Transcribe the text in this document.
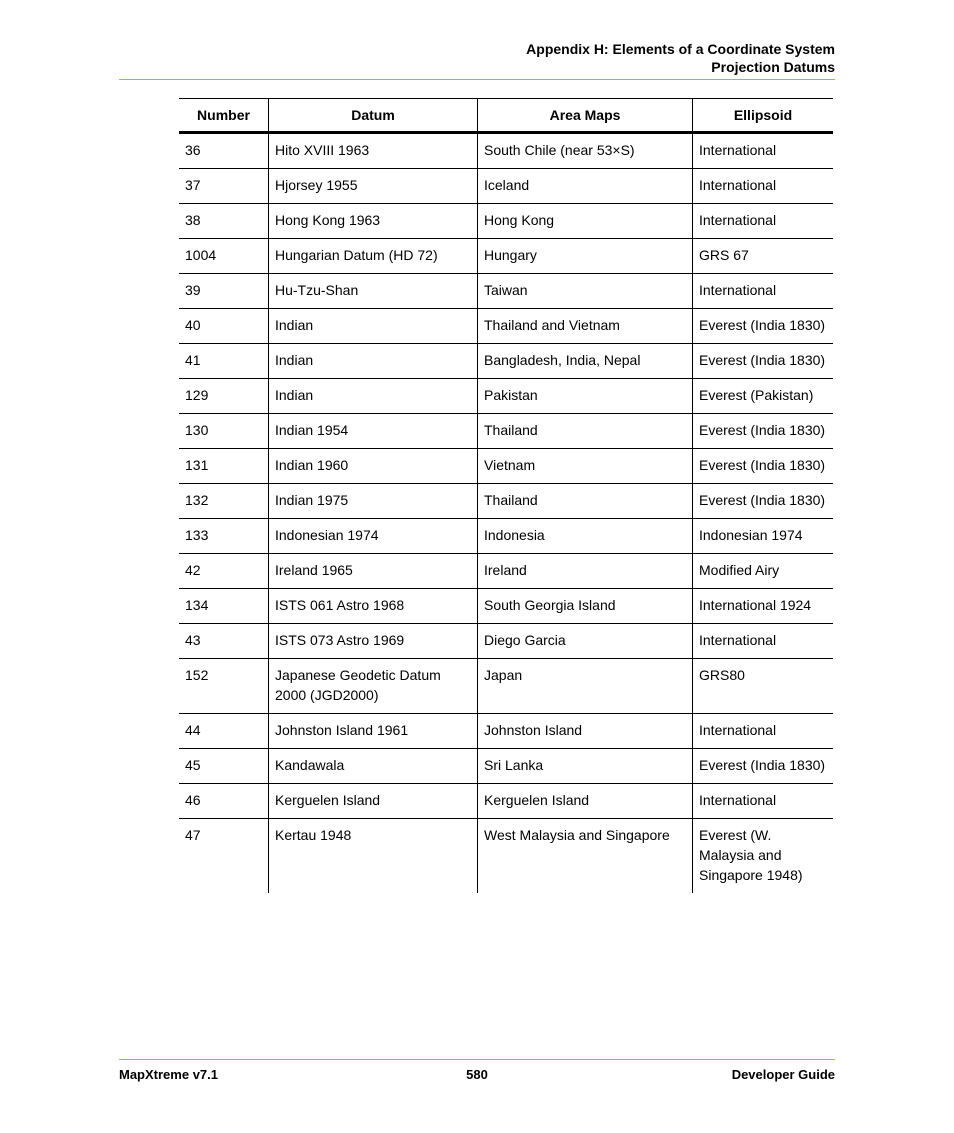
Appendix H: Elements of a Coordinate System
Projection Datums
Number	Datum	Area Maps	Ellipsoid
36	Hito XVIII 1963	South Chile (near 53×S)	International
37	Hjorsey 1955	Iceland	International
38	Hong Kong 1963	Hong Kong	International
1004	Hungarian Datum (HD 72)	Hungary	GRS 67
39	Hu-Tzu-Shan	Taiwan	International
40	Indian	Thailand and Vietnam	Everest (India 1830)
41	Indian	Bangladesh, India, Nepal	Everest (India 1830)
129	Indian	Pakistan	Everest (Pakistan)
130	Indian 1954	Thailand	Everest (India 1830)
131	Indian 1960	Vietnam	Everest (India 1830)
132	Indian 1975	Thailand	Everest (India 1830)
133	Indonesian 1974	Indonesia	Indonesian 1974
42	Ireland 1965	Ireland	Modified Airy
134	ISTS 061 Astro 1968	South Georgia Island	International 1924
43	ISTS 073 Astro 1969	Diego Garcia	International
152	Japanese Geodetic Datum 2000 (JGD2000)	Japan	GRS80
44	Johnston Island 1961	Johnston Island	International
45	Kandawala	Sri Lanka	Everest (India 1830)
46	Kerguelen Island	Kerguelen Island	International
47	Kertau 1948	West Malaysia and Singapore	Everest (W. Malaysia and Singapore 1948)
MapXtreme v7.1	580	Developer Guide
